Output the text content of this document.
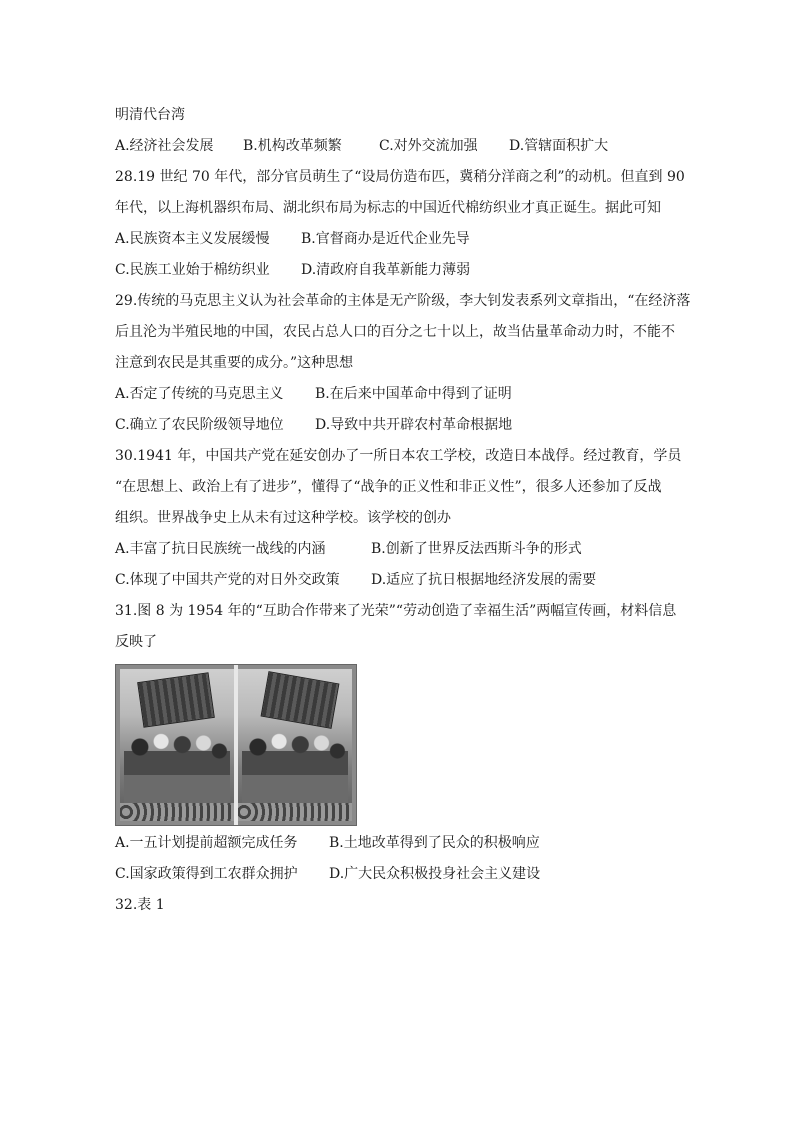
明清代台湾
A.经济社会发展	B.机构改革频繁	C.对外交流加强	D.管辖面积扩大
28.19 世纪 70 年代，部分官员萌生了“设局仿造布匹，冀稍分洋商之利”的动机。但直到 90
年代，以上海机器织布局、湖北织布局为标志的中国近代棉纺织业才真正诞生。据此可知
A.民族资本主义发展缓慢	B.官督商办是近代企业先导
C.民族工业始于棉纺织业	D.清政府自我革新能力薄弱
29.传统的马克思主义认为社会革命的主体是无产阶级，李大钊发表系列文章指出，“在经济落
后且沦为半殖民地的中国，农民占总人口的百分之七十以上，故当估量革命动力时，不能不
注意到农民是其重要的成分。”这种思想
A.否定了传统的马克思主义	B.在后来中国革命中得到了证明
C.确立了农民阶级领导地位	D.导致中共开辟农村革命根据地
30.1941 年，中国共产党在延安创办了一所日本农工学校，改造日本战俘。经过教育，学员
“在思想上、政治上有了进步”，懂得了“战争的正义性和非正义性”，很多人还参加了反战
组织。世界战争史上从未有过这种学校。该学校的创办
A.丰富了抗日民族统一战线的内涵	B.创新了世界反法西斯斗争的形式
C.体现了中国共产党的对日外交政策	D.适应了抗日根据地经济发展的需要
31.图 8 为 1954 年的“互助合作带来了光荣”“劳动创造了幸福生活”两幅宣传画，材料信息
反映了
A.一五计划提前超额完成任务	B.土地改革得到了民众的积极响应
C.国家政策得到工农群众拥护	D.广大民众积极投身社会主义建设
32.表 1
